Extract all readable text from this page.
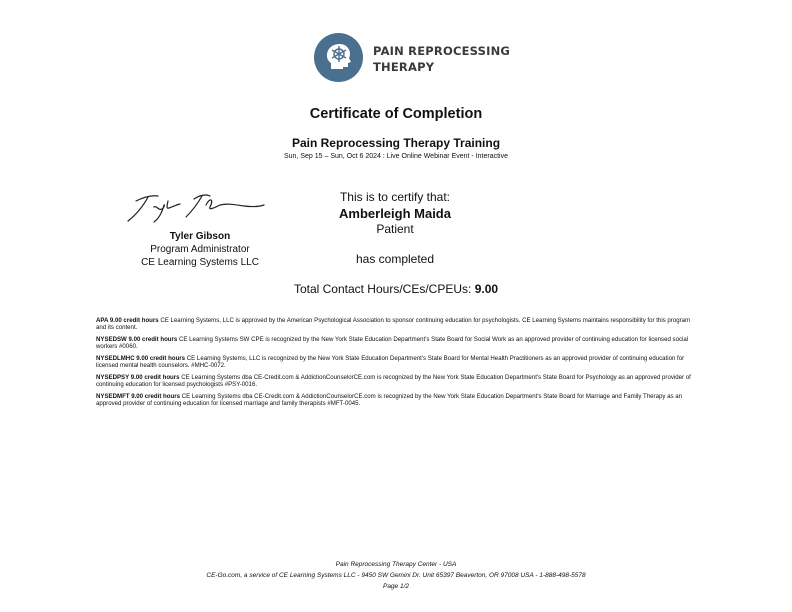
PAIN REPROCESSING
THERAPY
Certificate of Completion
Pain Reprocessing Therapy Training
Sun, Sep 15 – Sun, Oct 6 2024 : Live Online Webinar Event - Interactive
Tyler Gibson
Program Administrator
CE Learning Systems LLC
This is to certify that:
Amberleigh Maida
Patient
has completed
Total Contact Hours/CEs/CPEUs: 9.00
APA 9.00 credit hours CE Learning Systems, LLC is approved by the American Psychological Association to sponsor continuing education for psychologists. CE Learning Systems maintains responsibility for this program and its content.
NYSEDSW 9.00 credit hours CE Learning Systems SW CPE is recognized by the New York State Education Department's State Board for Social Work as an approved provider of continuing education for licensed social workers #0060.
NYSEDLMHC 9.00 credit hours CE Learning Systems, LLC is recognized by the New York State Education Department's State Board for Mental Health Practitioners as an approved provider of continuing education for licensed mental health counselors. #MHC-0072.
NYSEDPSY 9.00 credit hours CE Learning Systems dba CE-Credit.com & AddictionCounselorCE.com is recognized by the New York State Education Department's State Board for Psychology as an approved provider of continuing education for licensed psychologists #PSY-0016.
NYSEDMFT 9.00 credit hours CE Learning Systems dba CE-Credit.com & AddictionCounselorCE.com is recognized by the New York State Education Department's State Board for Marriage and Family Therapy as an approved provider of continuing education for licensed marriage and family therapists #MFT-0045.
Pain Reprocessing Therapy Center - USA
CE-Go.com, a service of CE Learning Systems LLC - 9450 SW Gemini Dr. Unit 65397 Beaverton, OR 97008 USA - 1-888-498-5578
Page 1/2
